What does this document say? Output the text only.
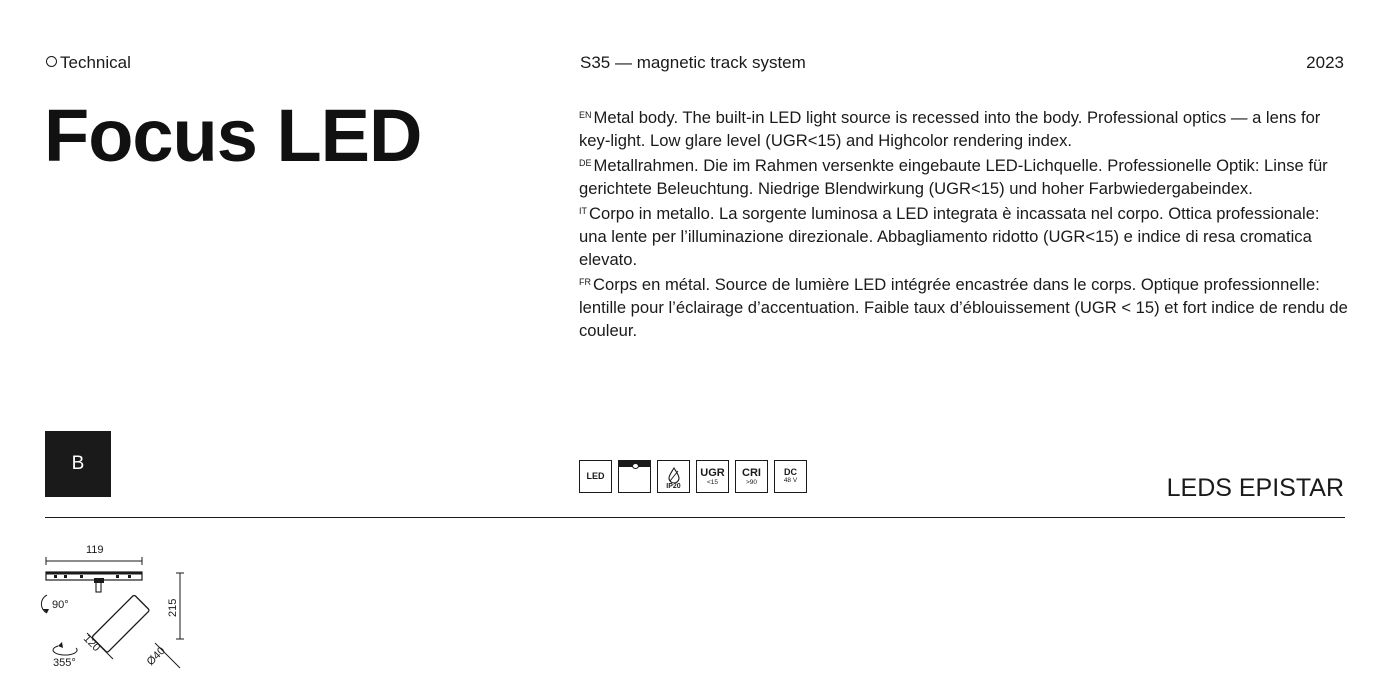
Technical	S35 — magnetic track system	2023
Focus LED	$^{EN}$ Metal body. The built-in LED light source is recessed into the body. Professional optics — a lens for key-light. Low glare level (UGR<15) and Highcolor rendering index.

$^{DE}$ Metallrahmen. Die im Rahmen versenkte eingebaute LED-Lichquelle. Professionelle Optik: Linse für gerichtete Beleuchtung. Niedrige Blendwirkung (UGR<15) und hoher Farbwiedergabeindex.

$^{IT}$ Corpo in metallo. La sorgente luminosa a LED integrata è incassata nel corpo. Ottica professionale: una lente per l’illuminazione direzionale. Abbagliamento ridotto (UGR<15) e indice di resa cromatica elevato.

$^{FR}$ Corps en métal. Source de lumière LED intégrée encastrée dans le corps. Optique professionnelle: lentille pour l’éclairage d’accentuation. Faible taux d’éblouissement (UGR < 15) et fort indice de rendu de couleur.

B
LED
IP20
UGR
<15
CRI
>90
DC
48 V	LEDS EPISTAR
119
90°	215
120
355°	Ø40
